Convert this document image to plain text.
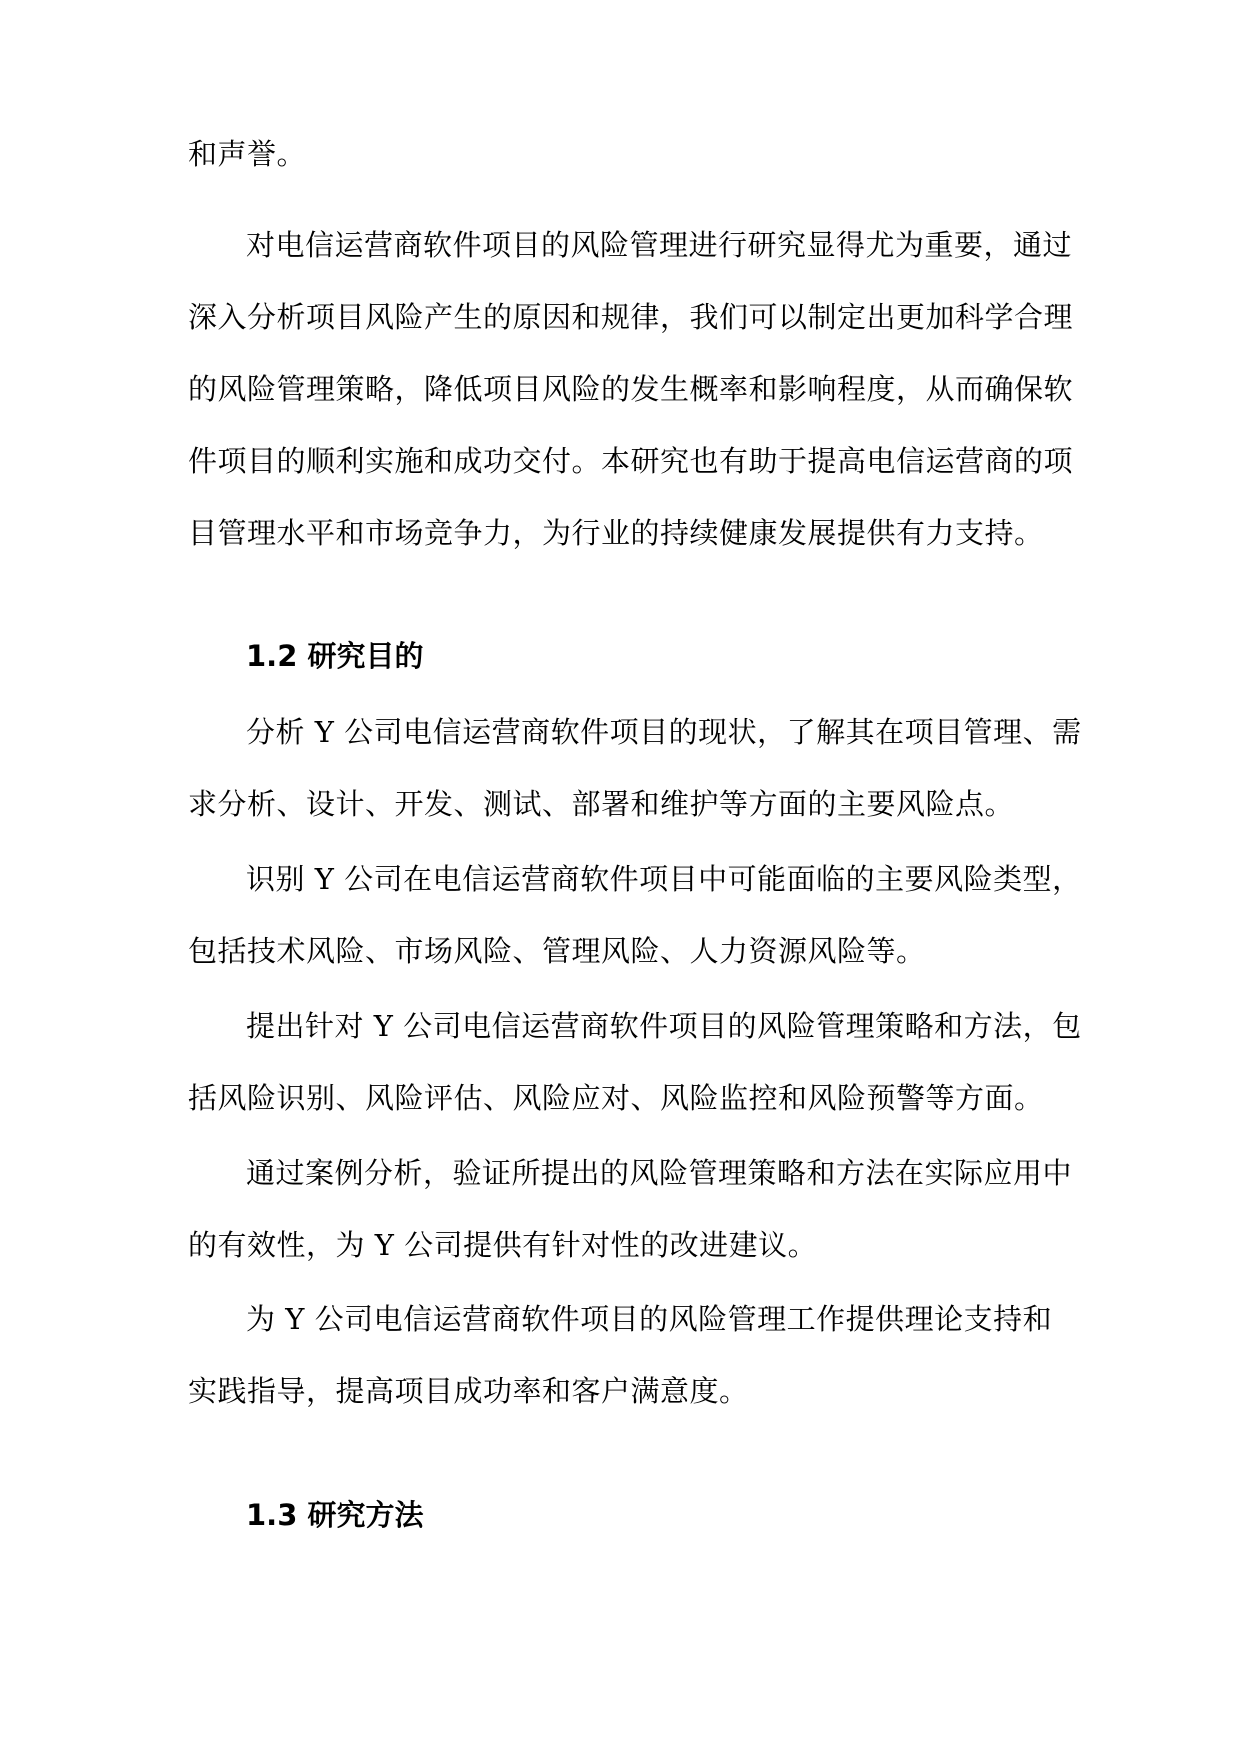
和声誉。

对电信运营商软件项目的风险管理进行研究显得尤为重要，通过

深入分析项目风险产生的原因和规律，我们可以制定出更加科学合理

的风险管理策略，降低项目风险的发生概率和影响程度，从而确保软

件项目的顺利实施和成功交付。本研究也有助于提高电信运营商的项

目管理水平和市场竞争力，为行业的持续健康发展提供有力支持。

1.2 研究目的

分析 Y 公司电信运营商软件项目的现状，了解其在项目管理、需

求分析、设计、开发、测试、部署和维护等方面的主要风险点。

识别 Y 公司在电信运营商软件项目中可能面临的主要风险类型，

包括技术风险、市场风险、管理风险、人力资源风险等。

提出针对 Y 公司电信运营商软件项目的风险管理策略和方法，包

括风险识别、风险评估、风险应对、风险监控和风险预警等方面。

通过案例分析，验证所提出的风险管理策略和方法在实际应用中

的有效性，为 Y 公司提供有针对性的改进建议。

为 Y 公司电信运营商软件项目的风险管理工作提供理论支持和

实践指导，提高项目成功率和客户满意度。

1.3 研究方法
